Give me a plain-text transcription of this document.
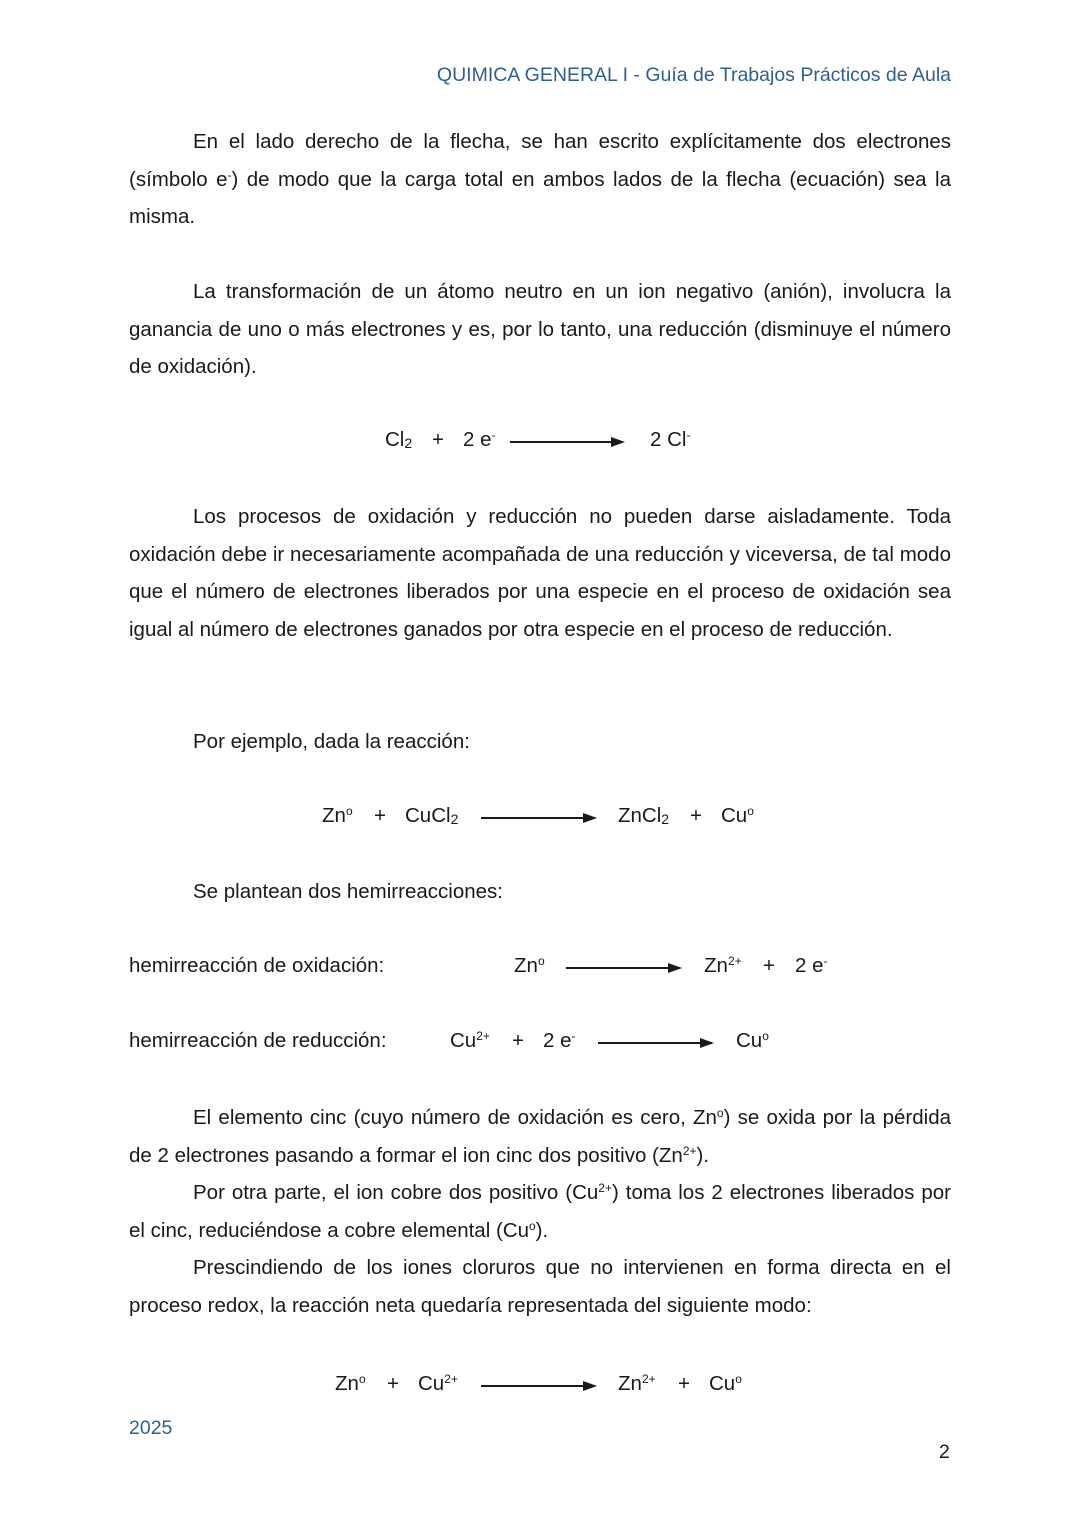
QUIMICA GENERAL I - Guía de Trabajos Prácticos de Aula
En el lado derecho de la flecha, se han escrito explícitamente dos electrones (símbolo e-) de modo que la carga total en ambos lados de la flecha (ecuación) sea la misma.
La transformación de un átomo neutro en un ion negativo (anión), involucra la ganancia de uno o más electrones y es, por lo tanto, una reducción (disminuye el número de oxidación).
$Cl_2 + 2$ e-	2 Cl-
Los procesos de oxidación y reducción no pueden darse aisladamente. Toda oxidación debe ir necesariamente acompañada de una reducción y viceversa, de tal modo que el número de electrones liberados por una especie en el proceso de oxidación sea igual al número de electrones ganados por otra especie en el proceso de reducción.
Por ejemplo, dada la reacción:
$Zn^o$ + CuCl$_2$	ZnCl$_2$ + $Cu^o$
Se plantean dos hemirreacciones:
hemirreacción de oxidación:	Zn$^o$	$Zn^{2+} + 2$ e-
hemirreacción de reducción:	$Cu^{2+} + 2$ e-	Cu$^o$
El elemento cinc (cuyo número de oxidación es cero, Zn$^o$) se oxida por la pérdida de 2 electrones pasando a formar el ion cinc dos positivo $(Zn^{2+})$.
Por otra parte, el ion cobre dos positivo $(Cu^{2+})$ toma los 2 electrones liberados por el cinc, reduciéndose a cobre elemental (Cu$^o$).
Prescindiendo de los iones cloruros que no intervienen en forma directa en el proceso redox, la reacción neta quedaría representada del siguiente modo:
$Zn^o + Cu^{2+}$	$Zn^{2+} + Cu^o$
2025
2
